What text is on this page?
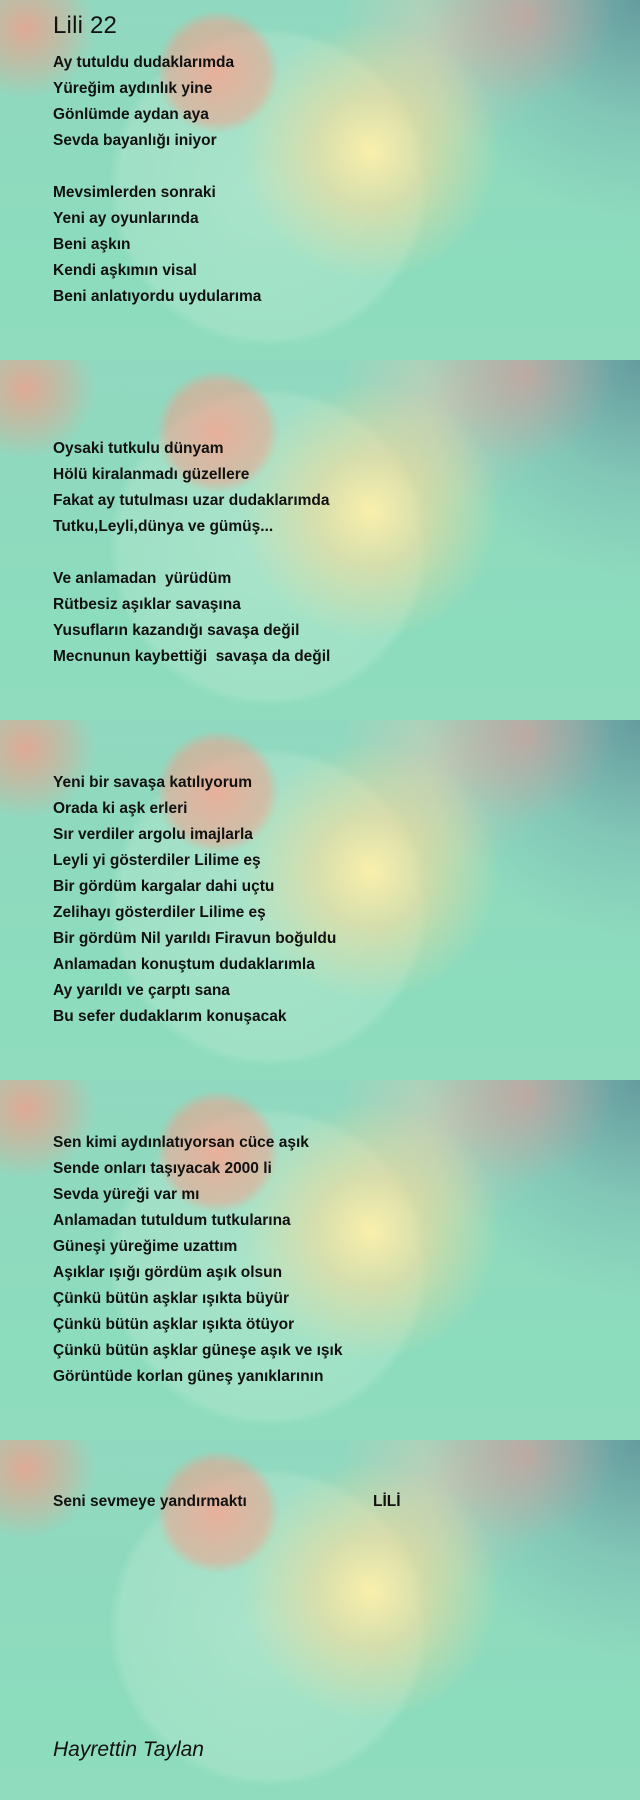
Lili 22
Ay tutuldu dudaklarımda
Yüreğim aydınlık yine
Gönlümde aydan aya
Sevda bayanlığı iniyor
Mevsimlerden sonraki
Yeni ay oyunlarında
Beni aşkın
Kendi aşkımın visal
Beni anlatıyordu uydularıma
Oysaki tutkulu dünyam
Hölü kiralanmadı güzellere
Fakat ay tutulması uzar dudaklarımda
Tutku,Leyli,dünya ve gümüş...
Ve anlamadan  yürüdüm
Rütbesiz aşıklar savaşına
Yusufların kazandığı savaşa değil
Mecnunun kaybettiği  savaşa da değil
Yeni bir savaşa katılıyorum
Orada ki aşk erleri
Sır verdiler argolu imajlarla
Leyli yi gösterdiler Lilime eş
Bir gördüm kargalar dahi uçtu
Zelihayı gösterdiler Lilime eş
Bir gördüm Nil yarıldı Firavun boğuldu
Anlamadan konuştum dudaklarımla
Ay yarıldı ve çarptı sana
Bu sefer dudaklarım konuşacak
Sen kimi aydınlatıyorsan cüce aşık
Sende onları taşıyacak 2000 li
Sevda yüreği var mı
Anlamadan tutuldum tutkularına
Güneşi yüreğime uzattım
Aşıklar ışığı gördüm aşık olsun
Çünkü bütün aşklar ışıkta büyür
Çünkü bütün aşklar ışıkta ötüyor
Çünkü bütün aşklar güneşe aşık ve ışık
Görüntüde korlan güneş yanıklarının
Seni sevmeye yandırmaktı	LİLİ
Hayrettin Taylan
